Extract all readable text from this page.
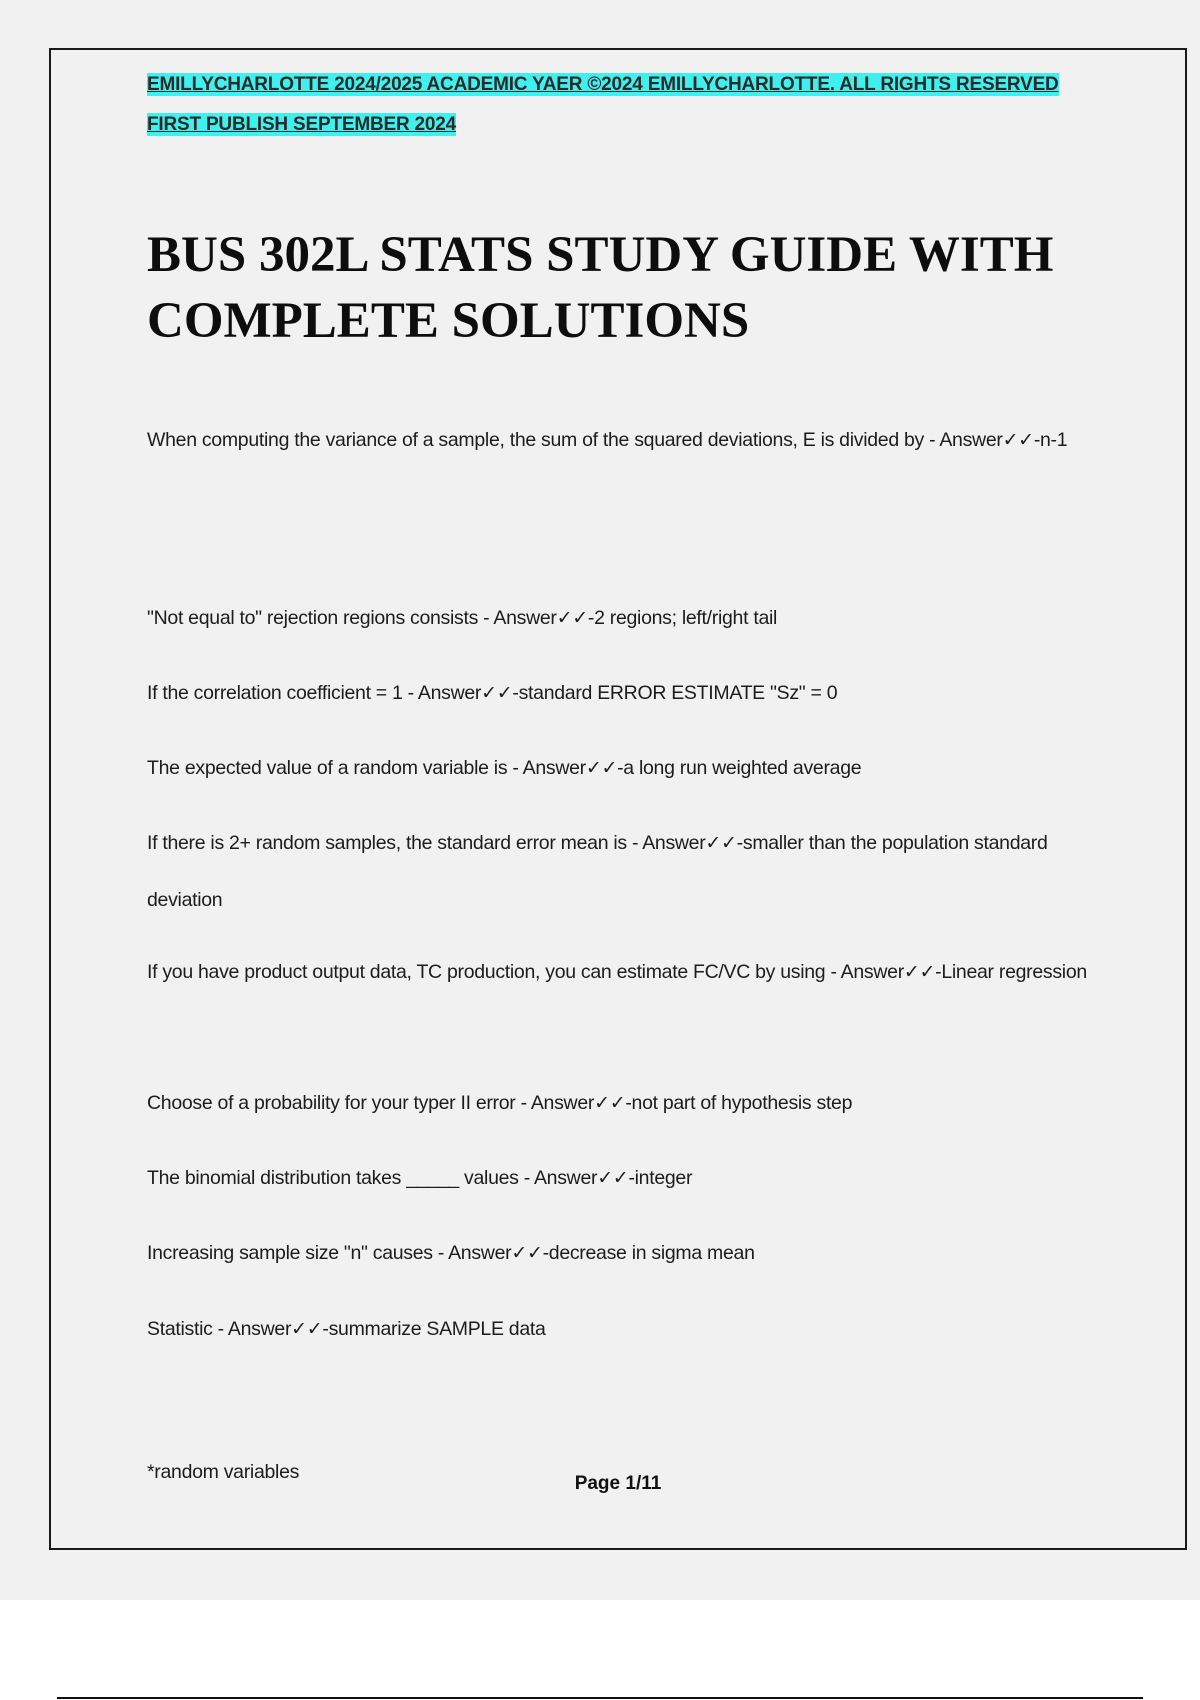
EMILLYCHARLOTTE 2024/2025 ACADEMIC YAER ©2024 EMILLYCHARLOTTE. ALL RIGHTS RESERVED
FIRST PUBLISH SEPTEMBER 2024
BUS 302L STATS STUDY GUIDE WITH COMPLETE SOLUTIONS

When computing the variance of a sample, the sum of the squared deviations, E is divided by - Answer✓✓-n-1

"Not equal to" rejection regions consists - Answer✓✓-2 regions; left/right tail

If the correlation coefficient = 1 - Answer✓✓-standard ERROR ESTIMATE "Sz" = 0

The expected value of a random variable is - Answer✓✓-a long run weighted average

If there is 2+ random samples, the standard error mean is - Answer✓✓-smaller than the population standard deviation

If you have product output data, TC production, you can estimate FC/VC by using - Answer✓✓-Linear regression

Choose of a probability for your typer II error - Answer✓✓-not part of hypothesis step

The binomial distribution takes _____ values - Answer✓✓-integer

Increasing sample size "n" causes - Answer✓✓-decrease in sigma mean

Statistic - Answer✓✓-summarize SAMPLE data

*random variables

Page 1/11
